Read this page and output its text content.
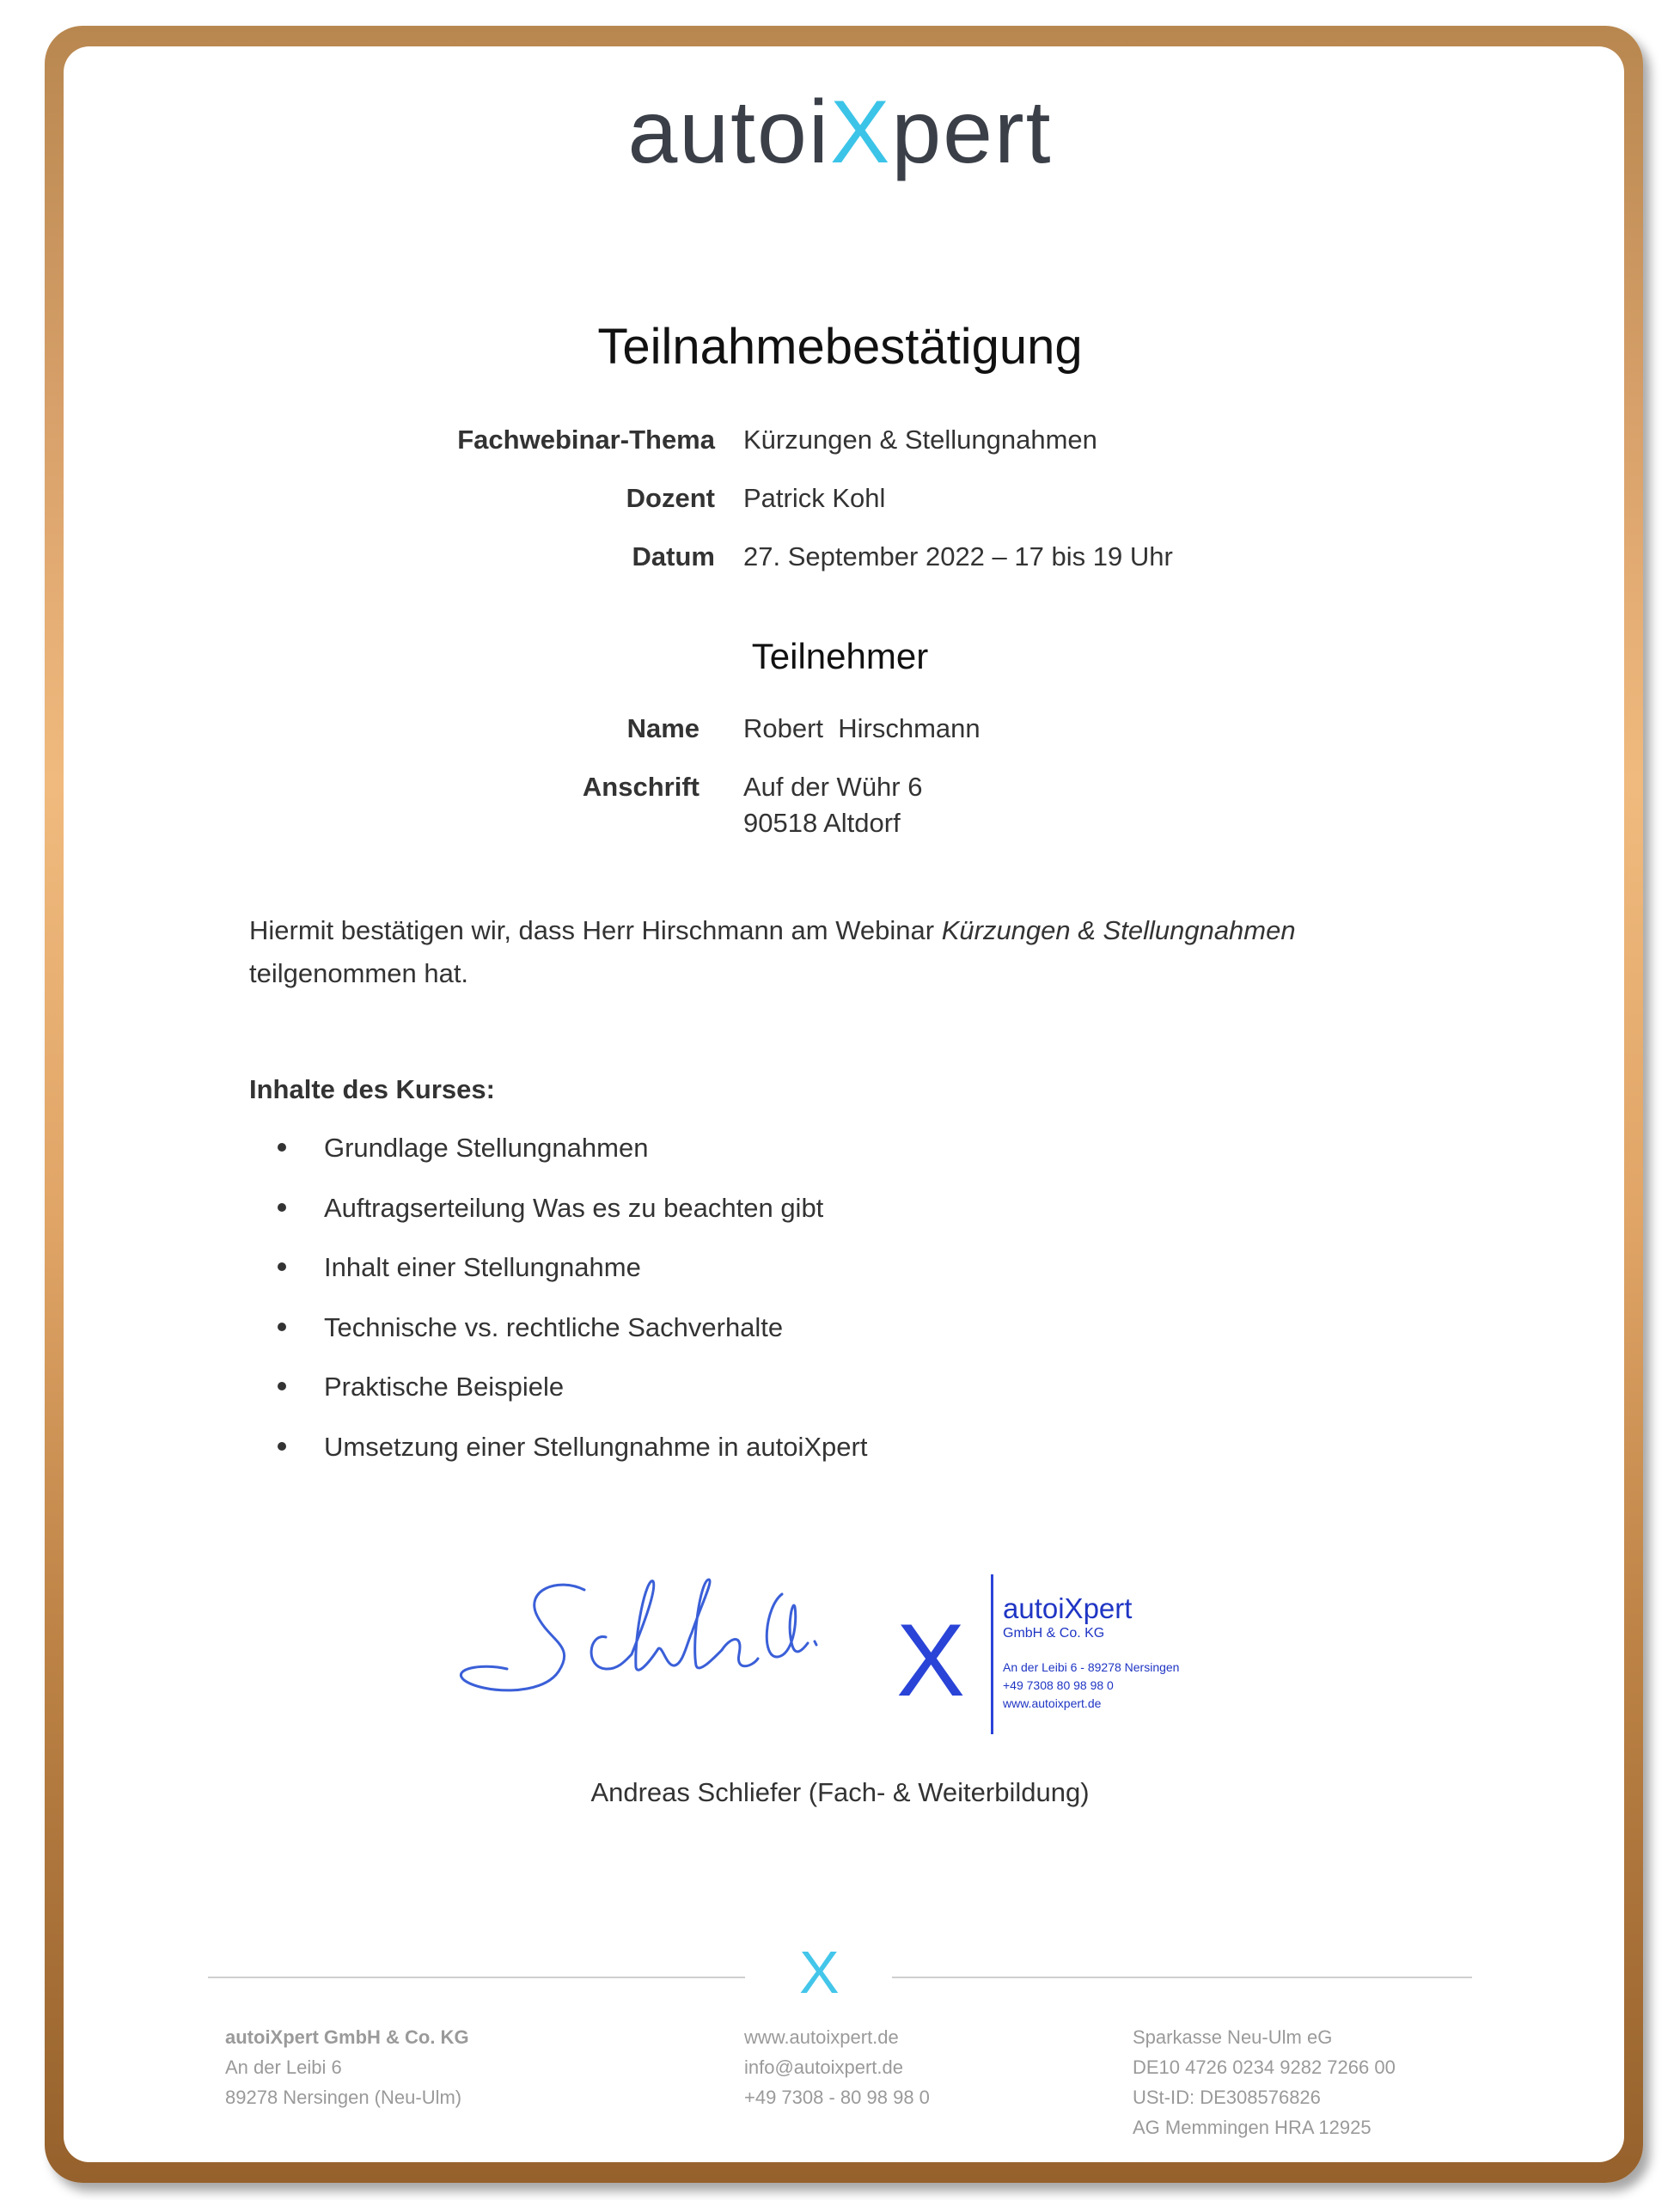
autoiXpert
Teilnahmebestätigung
Fachwebinar-Thema Kürzungen & Stellungnahmen
Dozent Patrick Kohl
Datum 27. September 2022 – 17 bis 19 Uhr
Teilnehmer
Name Robert  Hirschmann
Anschrift Auf der Wühr 6
90518 Altdorf
Hiermit bestätigen wir, dass Herr Hirschmann am Webinar Kürzungen & Stellungnahmen
teilgenommen hat.
Inhalte des Kurses:
Grundlage Stellungnahmen
Auftragserteilung Was es zu beachten gibt
Inhalt einer Stellungnahme
Technische vs. rechtliche Sachverhalte
Praktische Beispiele
Umsetzung einer Stellungnahme in autoiXpert
X autoiXpert
GmbH & Co. KG
An der Leibi 6 - 89278 Nersingen
+49 7308 80 98 98 0
www.autoixpert.de
Andreas Schliefer (Fach- & Weiterbildung)
X
autoiXpert GmbH & Co. KG
An der Leibi 6
89278 Nersingen (Neu-Ulm)
www.autoixpert.de
info@autoixpert.de
+49 7308 - 80 98 98 0
Sparkasse Neu-Ulm eG
DE10 4726 0234 9282 7266 00
USt-ID: DE308576826
AG Memmingen HRA 12925
